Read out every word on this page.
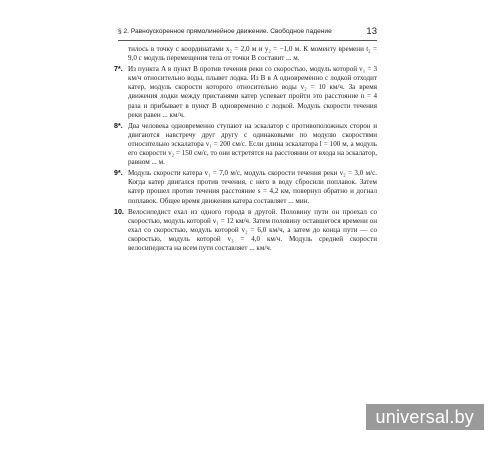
§ 2. Равноускоренное прямолинейное движение. Свободное падение	13
тилось в точку с координатами x₂ = 2,0 м и y₂ = −1,0 м. К моменту времени t₂ = 9,0 с модуль перемещения тела от точки B составит ... м.
7*. Из пункта A в пункт B против течения реки со скоростью, модуль которой v₁ = 3 км/ч относительно воды, плывет лодка. Из B в A одновременно с лодкой отходит катер, модуль скорости которого относительно воды v₂ = 10 км/ч. За время движения лодки между пристанями катер успевает пройти это расстояние n = 4 раза и прибывает в пункт B одновременно с лодкой. Модуль скорости течения реки равен ... км/ч.
8*. Два человека одновременно ступают на эскалатор с противоположных сторон и двигаются навстречу друг другу с одинаковыми по модулю скоростями относительно эскалатора v₁ = 200 см/с. Если длина эскалатора l = 100 м, а модуль его скорости v₂ = 150 см/с, то они встретятся на расстоянии от входа на эскалатор, равном ... м.
9*. Модуль скорости катера v₁ = 7,0 м/с, модуль скорости течения реки v₂ = 3,0 м/с. Когда катер двигался против течения, с него в воду сбросили поплавок. Затем катер прошел против течения расстояние s = 4,2 км, повернул обратно и догнал поплавок. Общее время движения катера составляет ... мин.
10. Велосипедист ехал из одного города в другой. Половину пути он проехал со скоростью, модуль которой v₁ = 12 км/ч. Затем половину оставшегося времени он ехал со скоростью, модуль которой v₂ = 6,0 км/ч, а затем до конца пути — со скоростью, модуль которой v₃ = 4,0 км/ч. Модуль средней скорости велосипедиста на всем пути составляет ... км/ч.
universal.by
